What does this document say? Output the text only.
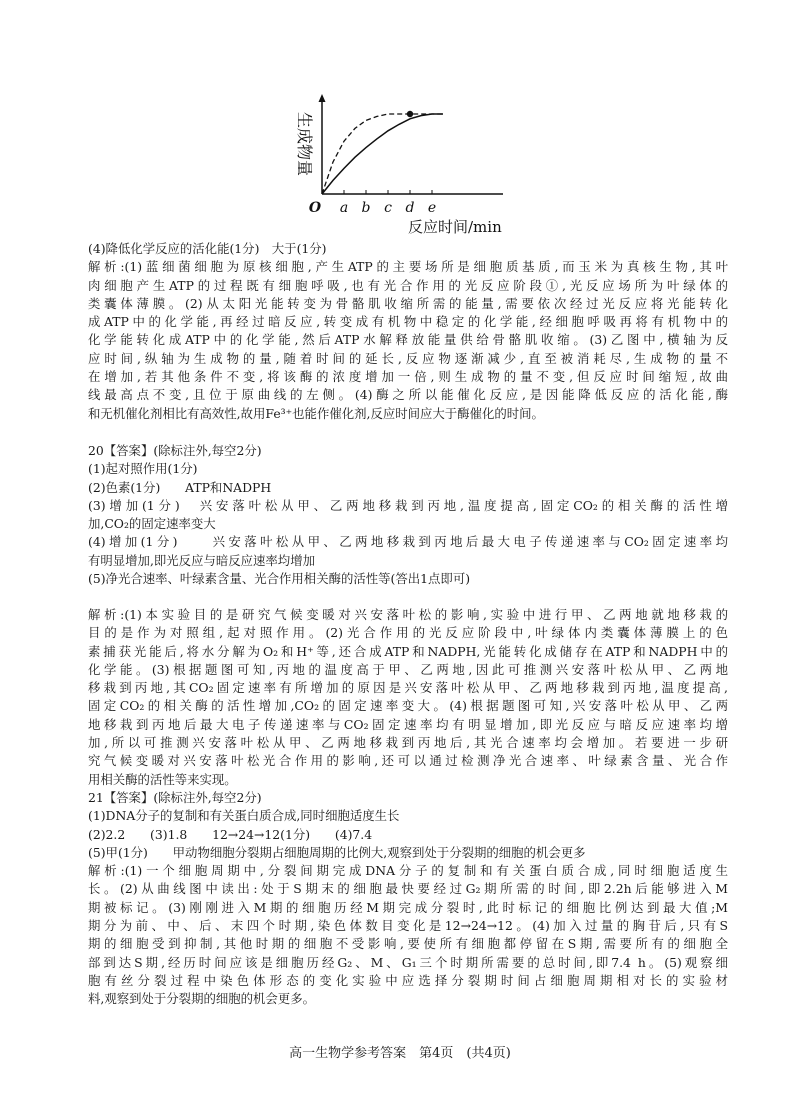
生成物量
O a b c d e
反应时间/min
(4)降低化学反应的活化能(1分)　大于(1分)
解析:(1)蓝细菌细胞为原核细胞,产生ATP的主要场所是细胞质基质,而玉米为真核生物,其叶
肉细胞产生ATP的过程既有细胞呼吸,也有光合作用的光反应阶段①,光反应场所为叶绿体的
类囊体薄膜。(2)从太阳光能转变为骨骼肌收缩所需的能量,需要依次经过光反应将光能转化
成ATP中的化学能,再经过暗反应,转变成有机物中稳定的化学能,经细胞呼吸再将有机物中的
化学能转化成ATP中的化学能,然后ATP水解释放能量供给骨骼肌收缩。(3)乙图中,横轴为反
应时间,纵轴为生成物的量,随着时间的延长,反应物逐渐减少,直至被消耗尽,生成物的量不
在增加,若其他条件不变,将该酶的浓度增加一倍,则生成物的量不变,但反应时间缩短,故曲
线最高点不变,且位于原曲线的左侧。(4)酶之所以能催化反应,是因能降低反应的活化能,酶
和无机催化剂相比有高效性,故用Fe³⁺也能作催化剂,反应时间应大于酶催化的时间。
20【答案】(除标注外,每空2分)
(1)起对照作用(1分)
(2)色素(1分)　　ATP和NADPH
(3)增加(1分)　兴安落叶松从甲、乙两地移栽到丙地,温度提高,固定CO₂的相关酶的活性增
加,CO₂的固定速率变大
(4)增加(1分)　　兴安落叶松从甲、乙两地移栽到丙地后最大电子传递速率与CO₂固定速率均
有明显增加,即光反应与暗反应速率均增加
(5)净光合速率、叶绿素含量、光合作用相关酶的活性等(答出1点即可)
解析:(1)本实验目的是研究气候变暖对兴安落叶松的影响,实验中进行甲、乙两地就地移栽的
目的是作为对照组,起对照作用。(2)光合作用的光反应阶段中,叶绿体内类囊体薄膜上的色
素捕获光能后,将水分解为O₂和H⁺等,还合成ATP和NADPH,光能转化成储存在ATP和NADPH中的
化学能。(3)根据题图可知,丙地的温度高于甲、乙两地,因此可推测兴安落叶松从甲、乙两地
移栽到丙地,其CO₂固定速率有所增加的原因是兴安落叶松从甲、乙两地移栽到丙地,温度提高,
固定CO₂的相关酶的活性增加,CO₂的固定速率变大。(4)根据题图可知,兴安落叶松从甲、乙两
地移栽到丙地后最大电子传递速率与CO₂固定速率均有明显增加,即光反应与暗反应速率均增
加,所以可推测兴安落叶松从甲、乙两地移栽到丙地后,其光合速率均会增加。若要进一步研
究气候变暖对兴安落叶松光合作用的影响,还可以通过检测净光合速率、叶绿素含量、光合作
用相关酶的活性等来实现。
21【答案】(除标注外,每空2分)
(1)DNA分子的复制和有关蛋白质合成,同时细胞适度生长
(2)2.2　　(3)1.8　　12→24→12(1分)　　(4)7.4
(5)甲(1分)　　甲动物细胞分裂期占细胞周期的比例大,观察到处于分裂期的细胞的机会更多
解析:(1)一个细胞周期中,分裂间期完成DNA分子的复制和有关蛋白质合成,同时细胞适度生
长。(2)从曲线图中读出:处于S期末的细胞最快要经过G₂期所需的时间,即2.2h后能够进入M
期被标记。(3)刚刚进入M期的细胞历经M期完成分裂时,此时标记的细胞比例达到最大值;M
期分为前、中、后、末四个时期,染色体数目变化是12→24→12。(4)加入过量的胸苷后,只有S
期的细胞受到抑制,其他时期的细胞不受影响,要使所有细胞都停留在S期,需要所有的细胞全
部到达S期,经历时间应该是细胞历经G₂、M、G₁三个时期所需要的总时间,即7.4 h。(5)观察细
胞有丝分裂过程中染色体形态的变化实验中应选择分裂期时间占细胞周期相对长的实验材
料,观察到处于分裂期的细胞的机会更多。
高一生物学参考答案　第4页　(共4页)
